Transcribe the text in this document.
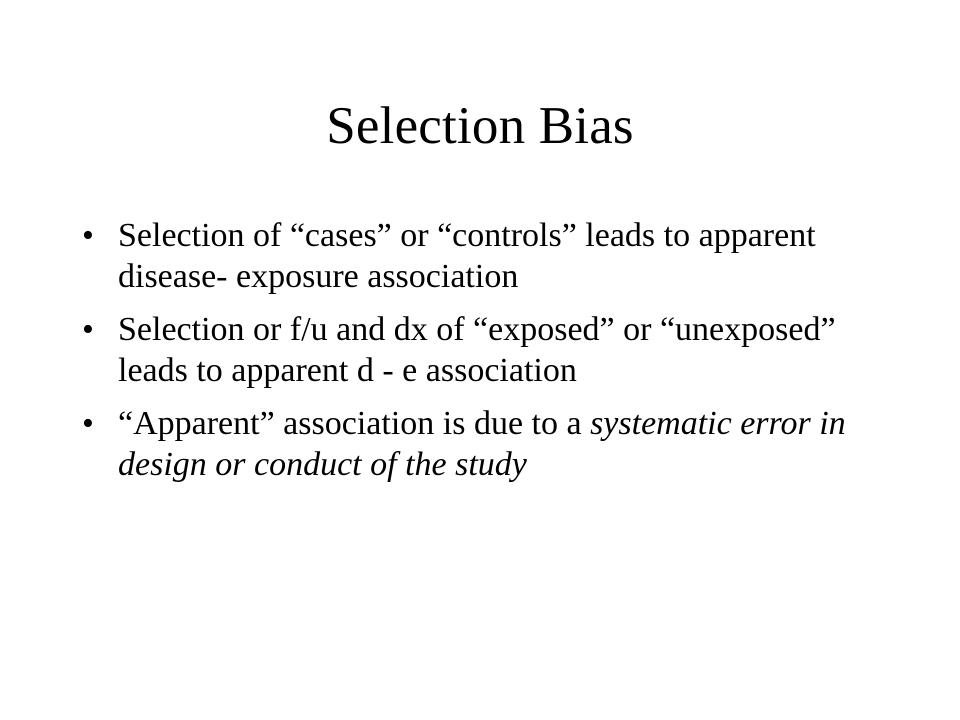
Selection Bias
• Selection of “cases” or “controls” leads to apparent disease- exposure association
• Selection or f/u and dx of “exposed” or “unexposed” leads to apparent d - e association
• “Apparent” association is due to a systematic error in design or conduct of the study
